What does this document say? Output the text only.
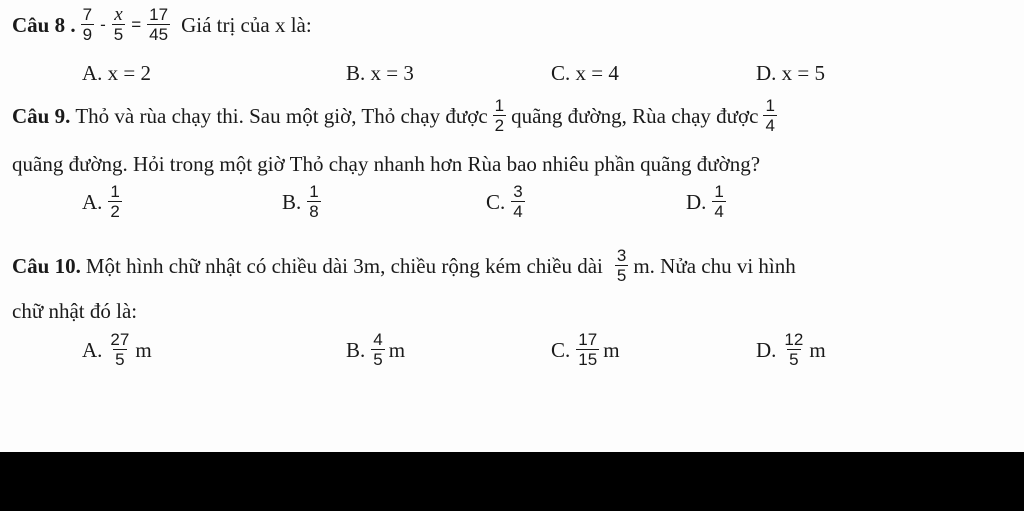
Câu 8 . $\frac{7}{9} - \frac{x}{5} = \frac{17}{45}$ Giá trị của x là:
A.
x = 2	B.
x = 3	C.
x = 4	D.
x = 5
Câu 9. Thỏ và rùa chạy thi. Sau một giờ, Thỏ chạy được $\frac{1}{2}$ quãng đường, Rùa chạy được $\frac{1}{4}$
quãng đường. Hỏi trong một giờ Thỏ chạy nhanh hơn Rùa bao nhiêu phần quãng đường?
A. $\frac{1}{2}$	B. $\frac{1}{8}$	C. $\frac{3}{4}$	D. $\frac{1}{4}$
Câu 10. Một hình chữ nhật có chiều dài 3m, chiều rộng kém chiều dài $\frac{3}{5} m$. Nửa chu vi hình
chữ nhật đó là:
A. $\frac{27}{5}$ m	B. $\frac{4}{5}$ m	C. $\frac{17}{15}$ m	D. $\frac{12}{5}$ m
